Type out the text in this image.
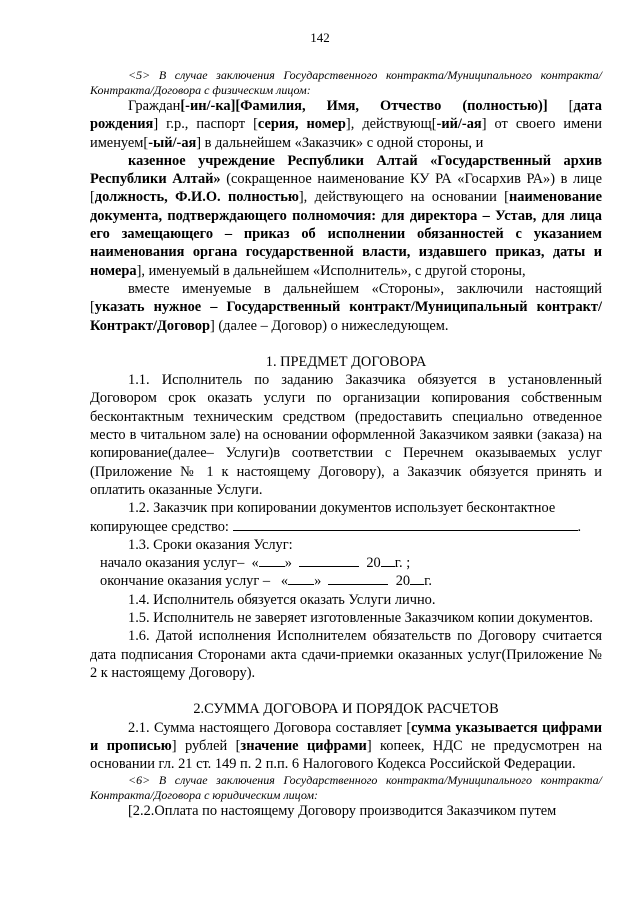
142

<5> В случае заключения Государственного контракта/Муниципального контракта/Контракта/Договора с физическим лицом:

Граждан[-ин/-ка][Фамилия, Имя, Отчество (полностью)] [дата рождения] г.р., паспорт [серия, номер], действующ[-ий/-ая] от своего имени именуем[-ый/-ая] в дальнейшем «Заказчик» с одной стороны, и

казенное учреждение Республики Алтай «Государственный архив Республики Алтай» (сокращенное наименование КУ РА «Госархив РА») в лице [должность, Ф.И.О. полностью], действующего на основании [наименование документа, подтверждающего полномочия: для директора – Устав, для лица его замещающего – приказ об исполнении обязанностей с указанием наименования органа государственной власти, издавшего приказ, даты и номера], именуемый в дальнейшем «Исполнитель», с другой стороны,

вместе именуемые в дальнейшем «Стороны», заключили настоящий [указать нужное – Государственный контракт/Муниципальный контракт/Контракт/Договор] (далее – Договор) о нижеследующем.

1. ПРЕДМЕТ ДОГОВОРА

1.1. Исполнитель по заданию Заказчика обязуется в установленный Договором срок оказать услуги по организации копирования собственным бесконтактным техническим средством (предоставить специально отведенное место в читальном зале) на основании оформленной Заказчиком заявки (заказа) на копирование(далее– Услуги)в соответствии с Перечнем оказываемых услуг (Приложение № 1 к настоящему Договору), а Заказчик обязуется принять и оплатить оказанные Услуги.

1.2. Заказчик при копировании документов использует бесконтактное

копирующее средство:	.

1.3. Сроки оказания Услуг:

начало оказания услуг– « »	20 г. ;

окончание оказания услуг – « »	20 г.

1.4. Исполнитель обязуется оказать Услуги лично.

1.5. Исполнитель не заверяет изготовленные Заказчиком копии документов.

1.6. Датой исполнения Исполнителем обязательств по Договору считается дата подписания Сторонами акта сдачи-приемки оказанных услуг(Приложение № 2 к настоящему Договору).

2.СУММА ДОГОВОРА И ПОРЯДОК РАСЧЕТОВ

2.1. Сумма настоящего Договора составляет [сумма указывается цифрами и прописью] рублей [значение цифрами] копеек, НДС не предусмотрен на основании гл. 21 ст. 149 п. 2 п.п. 6 Налогового Кодекса Российской Федерации.

<6> В случае заключения Государственного контракта/Муниципального контракта/Контракта/Договора с юридическим лицом:

[2.2.Оплата по настоящему Договору производится Заказчиком путем
